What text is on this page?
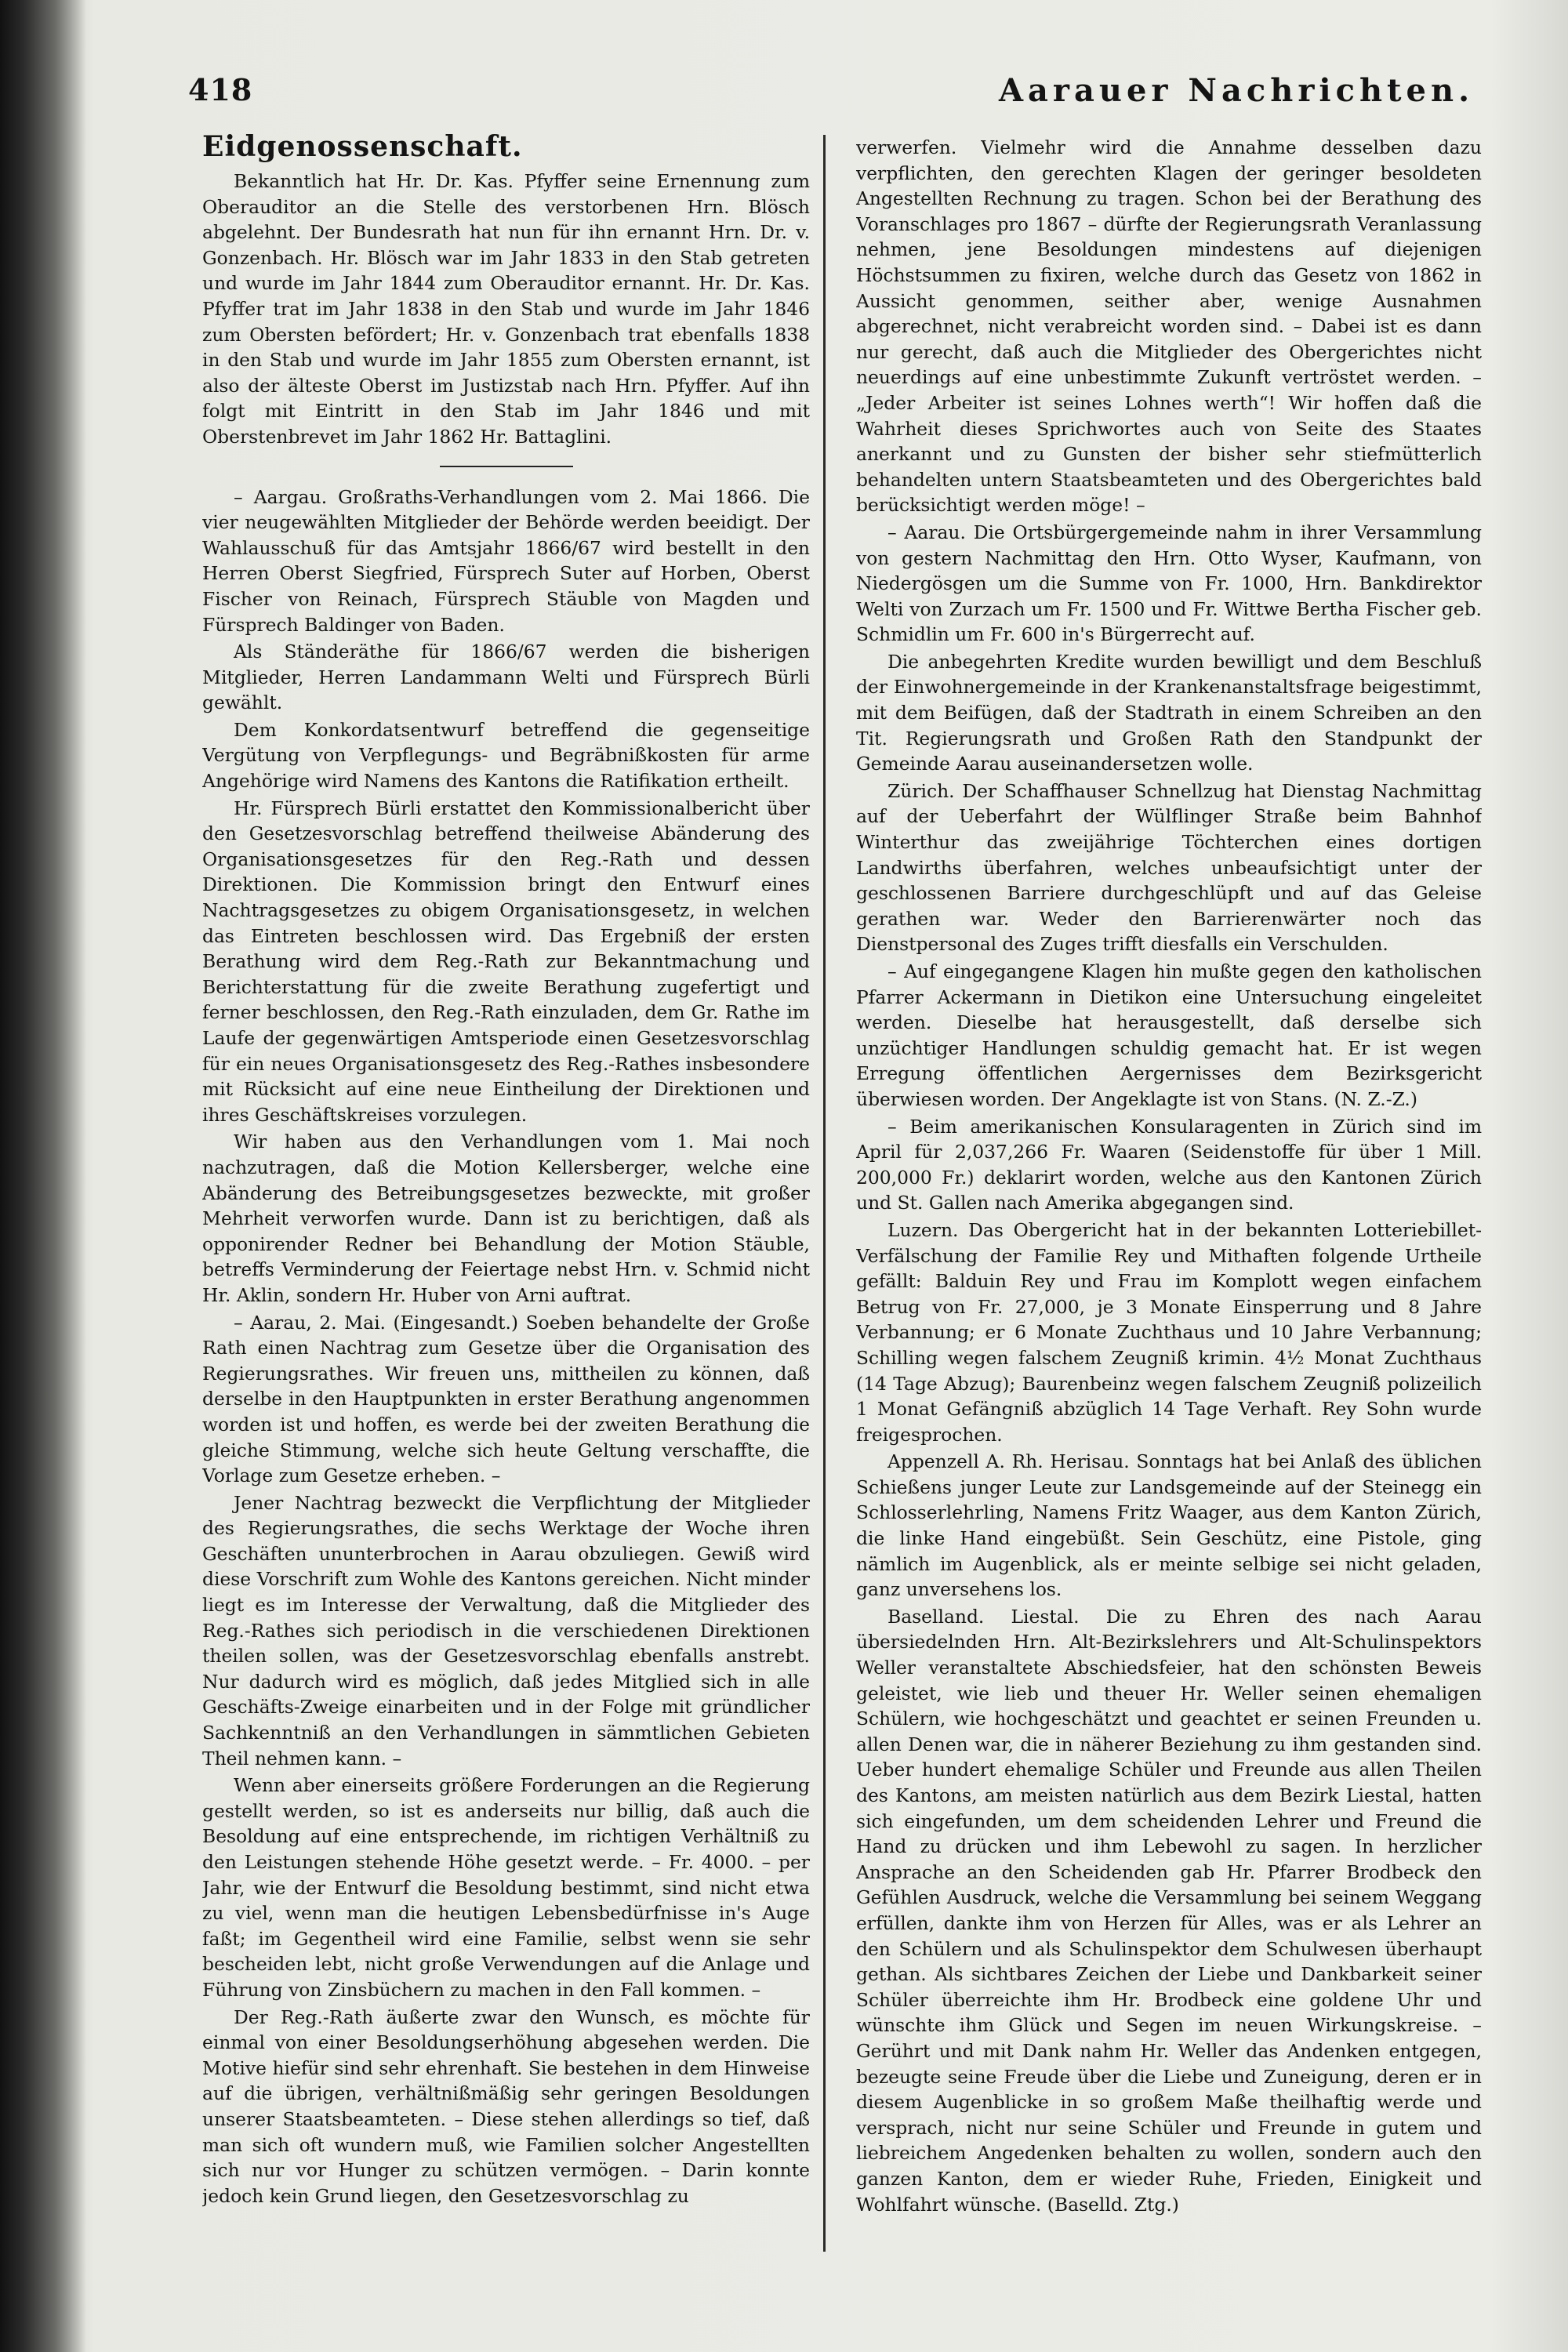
418	Aarauer Nachrichten.
Eidgenossenschaft.

Bekanntlich hat Hr. Dr. Kas. Pfyffer seine Ernennung zum Oberauditor an die Stelle des verstorbenen Hrn. Blösch abgelehnt. Der Bundesrath hat nun für ihn ernannt Hrn. Dr. v. Gonzenbach. Hr. Blösch war im Jahr 1833 in den Stab getreten und wurde im Jahr 1844 zum Oberauditor ernannt. Hr. Dr. Kas. Pfyffer trat im Jahr 1838 in den Stab und wurde im Jahr 1846 zum Obersten befördert; Hr. v. Gonzenbach trat ebenfalls 1838 in den Stab und wurde im Jahr 1855 zum Obersten ernannt, ist also der älteste Oberst im Justizstab nach Hrn. Pfyffer. Auf ihn folgt mit Eintritt in den Stab im Jahr 1846 und mit Oberstenbrevet im Jahr 1862 Hr. Battaglini.

– Aargau. Großraths-Verhandlungen vom 2. Mai 1866. Die vier neugewählten Mitglieder der Behörde werden beeidigt. Der Wahlausschuß für das Amtsjahr 1866/67 wird bestellt in den Herren Oberst Siegfried, Fürsprech Suter auf Horben, Oberst Fischer von Reinach, Fürsprech Stäuble von Magden und Fürsprech Baldinger von Baden.

Als Ständeräthe für 1866/67 werden die bisherigen Mitglieder, Herren Landammann Welti und Fürsprech Bürli gewählt.

Dem Konkordatsentwurf betreffend die gegenseitige Vergütung von Verpflegungs- und Begräbnißkosten für arme Angehörige wird Namens des Kantons die Ratifikation ertheilt.

Hr. Fürsprech Bürli erstattet den Kommissionalbericht über den Gesetzesvorschlag betreffend theilweise Abänderung des Organisationsgesetzes für den Reg.-Rath und dessen Direktionen. Die Kommission bringt den Entwurf eines Nachtragsgesetzes zu obigem Organisationsgesetz, in welchen das Eintreten beschlossen wird. Das Ergebniß der ersten Berathung wird dem Reg.-Rath zur Bekanntmachung und Berichterstattung für die zweite Berathung zugefertigt und ferner beschlossen, den Reg.-Rath einzuladen, dem Gr. Rathe im Laufe der gegenwärtigen Amtsperiode einen Gesetzesvorschlag für ein neues Organisationsgesetz des Reg.-Rathes insbesondere mit Rücksicht auf eine neue Eintheilung der Direktionen und ihres Geschäftskreises vorzulegen.

Wir haben aus den Verhandlungen vom 1. Mai noch nachzutragen, daß die Motion Kellersberger, welche eine Abänderung des Betreibungsgesetzes bezweckte, mit großer Mehrheit verworfen wurde. Dann ist zu berichtigen, daß als opponirender Redner bei Behandlung der Motion Stäuble, betreffs Verminderung der Feiertage nebst Hrn. v. Schmid nicht Hr. Aklin, sondern Hr. Huber von Arni auftrat.

– Aarau, 2. Mai. (Eingesandt.) Soeben behandelte der Große Rath einen Nachtrag zum Gesetze über die Organisation des Regierungsrathes. Wir freuen uns, mittheilen zu können, daß derselbe in den Hauptpunkten in erster Berathung angenommen worden ist und hoffen, es werde bei der zweiten Berathung die gleiche Stimmung, welche sich heute Geltung verschaffte, die Vorlage zum Gesetze erheben. –

Jener Nachtrag bezweckt die Verpflichtung der Mitglieder des Regierungsrathes, die sechs Werktage der Woche ihren Geschäften ununterbrochen in Aarau obzuliegen. Gewiß wird diese Vorschrift zum Wohle des Kantons gereichen. Nicht minder liegt es im Interesse der Verwaltung, daß die Mitglieder des Reg.-Rathes sich periodisch in die verschiedenen Direktionen theilen sollen, was der Gesetzesvorschlag ebenfalls anstrebt. Nur dadurch wird es möglich, daß jedes Mitglied sich in alle Geschäfts-Zweige einarbeiten und in der Folge mit gründlicher Sachkenntniß an den Verhandlungen in sämmtlichen Gebieten Theil nehmen kann. –

Wenn aber einerseits größere Forderungen an die Regierung gestellt werden, so ist es anderseits nur billig, daß auch die Besoldung auf eine entsprechende, im richtigen Verhältniß zu den Leistungen stehende Höhe gesetzt werde. – Fr. 4000. – per Jahr, wie der Entwurf die Besoldung bestimmt, sind nicht etwa zu viel, wenn man die heutigen Lebensbedürfnisse in's Auge faßt; im Gegentheil wird eine Familie, selbst wenn sie sehr bescheiden lebt, nicht große Verwendungen auf die Anlage und Führung von Zinsbüchern zu machen in den Fall kommen. –

Der Reg.-Rath äußerte zwar den Wunsch, es möchte für einmal von einer Besoldungserhöhung abgesehen werden. Die Motive hiefür sind sehr ehrenhaft. Sie bestehen in dem Hinweise auf die übrigen, verhältnißmäßig sehr geringen Besoldungen unserer Staatsbeamteten. – Diese stehen allerdings so tief, daß man sich oft wundern muß, wie Familien solcher Angestellten sich nur vor Hunger zu schützen vermögen. – Darin konnte jedoch kein Grund liegen, den Gesetzesvorschlag zu

verwerfen. Vielmehr wird die Annahme desselben dazu verpflichten, den gerechten Klagen der geringer besoldeten Angestellten Rechnung zu tragen. Schon bei der Berathung des Voranschlages pro 1867 – dürfte der Regierungsrath Veranlassung nehmen, jene Besoldungen mindestens auf diejenigen Höchstsummen zu fixiren, welche durch das Gesetz von 1862 in Aussicht genommen, seither aber, wenige Ausnahmen abgerechnet, nicht verabreicht worden sind. – Dabei ist es dann nur gerecht, daß auch die Mitglieder des Obergerichtes nicht neuerdings auf eine unbestimmte Zukunft vertröstet werden. – „Jeder Arbeiter ist seines Lohnes werth“! Wir hoffen daß die Wahrheit dieses Sprichwortes auch von Seite des Staates anerkannt und zu Gunsten der bisher sehr stiefmütterlich behandelten untern Staatsbeamteten und des Obergerichtes bald berücksichtigt werden möge! –

– Aarau. Die Ortsbürgergemeinde nahm in ihrer Versammlung von gestern Nachmittag den Hrn. Otto Wyser, Kaufmann, von Niedergösgen um die Summe von Fr. 1000, Hrn. Bankdirektor Welti von Zurzach um Fr. 1500 und Fr. Wittwe Bertha Fischer geb. Schmidlin um Fr. 600 in's Bürgerrecht auf.

Die anbegehrten Kredite wurden bewilligt und dem Beschluß der Einwohnergemeinde in der Krankenanstaltsfrage beigestimmt, mit dem Beifügen, daß der Stadtrath in einem Schreiben an den Tit. Regierungsrath und Großen Rath den Standpunkt der Gemeinde Aarau auseinandersetzen wolle.

Zürich. Der Schaffhauser Schnellzug hat Dienstag Nachmittag auf der Ueberfahrt der Wülflinger Straße beim Bahnhof Winterthur das zweijährige Töchterchen eines dortigen Landwirths überfahren, welches unbeaufsichtigt unter der geschlossenen Barriere durchgeschlüpft und auf das Geleise gerathen war. Weder den Barrierenwärter noch das Dienstpersonal des Zuges trifft diesfalls ein Verschulden.

– Auf eingegangene Klagen hin mußte gegen den katholischen Pfarrer Ackermann in Dietikon eine Untersuchung eingeleitet werden. Dieselbe hat herausgestellt, daß derselbe sich unzüchtiger Handlungen schuldig gemacht hat. Er ist wegen Erregung öffentlichen Aergernisses dem Bezirksgericht überwiesen worden. Der Angeklagte ist von Stans. (N. Z.-Z.)

– Beim amerikanischen Konsularagenten in Zürich sind im April für 2,037,266 Fr. Waaren (Seidenstoffe für über 1 Mill. 200,000 Fr.) deklarirt worden, welche aus den Kantonen Zürich und St. Gallen nach Amerika abgegangen sind.

Luzern. Das Obergericht hat in der bekannten Lotteriebillet-Verfälschung der Familie Rey und Mithaften folgende Urtheile gefällt: Balduin Rey und Frau im Komplott wegen einfachem Betrug von Fr. 27,000, je 3 Monate Einsperrung und 8 Jahre Verbannung; er 6 Monate Zuchthaus und 10 Jahre Verbannung; Schilling wegen falschem Zeugniß krimin. 4½ Monat Zuchthaus (14 Tage Abzug); Baurenbeinz wegen falschem Zeugniß polizeilich 1 Monat Gefängniß abzüglich 14 Tage Verhaft. Rey Sohn wurde freigesprochen.

Appenzell A. Rh. Herisau. Sonntags hat bei Anlaß des üblichen Schießens junger Leute zur Landsgemeinde auf der Steinegg ein Schlosserlehrling, Namens Fritz Waager, aus dem Kanton Zürich, die linke Hand eingebüßt. Sein Geschütz, eine Pistole, ging nämlich im Augenblick, als er meinte selbige sei nicht geladen, ganz unversehens los.

Baselland. Liestal. Die zu Ehren des nach Aarau übersiedelnden Hrn. Alt-Bezirkslehrers und Alt-Schulinspektors Weller veranstaltete Abschiedsfeier, hat den schönsten Beweis geleistet, wie lieb und theuer Hr. Weller seinen ehemaligen Schülern, wie hochgeschätzt und geachtet er seinen Freunden u. allen Denen war, die in näherer Beziehung zu ihm gestanden sind. Ueber hundert ehemalige Schüler und Freunde aus allen Theilen des Kantons, am meisten natürlich aus dem Bezirk Liestal, hatten sich eingefunden, um dem scheidenden Lehrer und Freund die Hand zu drücken und ihm Lebewohl zu sagen. In herzlicher Ansprache an den Scheidenden gab Hr. Pfarrer Brodbeck den Gefühlen Ausdruck, welche die Versammlung bei seinem Weggang erfüllen, dankte ihm von Herzen für Alles, was er als Lehrer an den Schülern und als Schulinspektor dem Schulwesen überhaupt gethan. Als sichtbares Zeichen der Liebe und Dankbarkeit seiner Schüler überreichte ihm Hr. Brodbeck eine goldene Uhr und wünschte ihm Glück und Segen im neuen Wirkungskreise. – Gerührt und mit Dank nahm Hr. Weller das Andenken entgegen, bezeugte seine Freude über die Liebe und Zuneigung, deren er in diesem Augenblicke in so großem Maße theilhaftig werde und versprach, nicht nur seine Schüler und Freunde in gutem und liebreichem Angedenken behalten zu wollen, sondern auch den ganzen Kanton, dem er wieder Ruhe, Frieden, Einigkeit und Wohlfahrt wünsche. (Baselld. Ztg.)
